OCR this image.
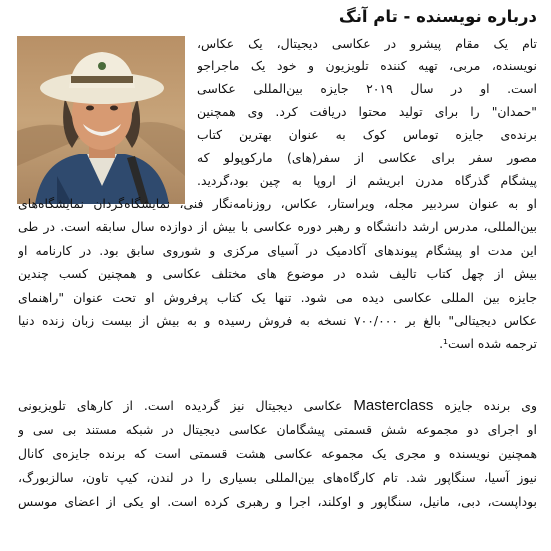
درباره نویسنده - تام آنگ
تام یک مقام پیشرو در عکاسی دیجیتال، یک عکاس،
نویسنده، مربی، تهیه کننده تلویزیون و خود یک ماجراجو
است. او در سال ۲۰۱۹ جایزه بین‌المللی عکاسی
"حمدان" را برای تولید محتوا دریافت کرد. وی همچنین
برنده‌ی جایزه توماس کوک به عنوان بهترین کتاب
مصور سفر برای عکاسی از سفر(های) مارکوپولو که
پیشگام گذرگاه مدرن ابریشم از اروپا به چین بود،گردید.
او به عنوان سردبیر مجله، ویراستار، عکاس، روزنامه‌نگار فنی، نمایشگاه‌گردان نمایشگاه‌های
بین‌المللی، مدرس ارشد دانشگاه و رهبر دوره عکاسی با بیش از دوازده سال سابقه است. در طی
این مدت او پیشگام پیوندهای آکادمیک در آسیای مرکزی و شوروی سابق بود. در کارنامه او
بیش از چهل کتاب تالیف شده در موضوع های مختلف عکاسی و همچنین کسب چندین
جایزه بین المللی عکاسی دیده می شود. تنها یک کتاب پرفروش او تحت عنوان "راهنمای
عکاس دیجیتالی" بالغ بر ۷۰۰/۰۰۰ نسخه به فروش رسیده و به بیش از بیست زبان زنده دنیا
ترجمه شده است¹.
وی برنده جایزه Masterclass عکاسی دیجیتال نیز گردیده است. از کارهای تلویزیونی
او اجرای دو مجموعه شش قسمتی پیشگامان عکاسی دیجیتال در شبکه مستند بی سی و
همچنین نویسنده و مجری یک مجموعه عکاسی هشت قسمتی است که برنده جایزه‌ی کانال
نیوز آسیا، سنگاپور شد. تام کارگاه‌های بین‌المللی بسیاری را در لندن، کیپ تاون، سالزبورگ،
بوداپست، دبی، مانیل، سنگاپور و اوکلند، اجرا و رهبری کرده است. او یکی از اعضای موسس
